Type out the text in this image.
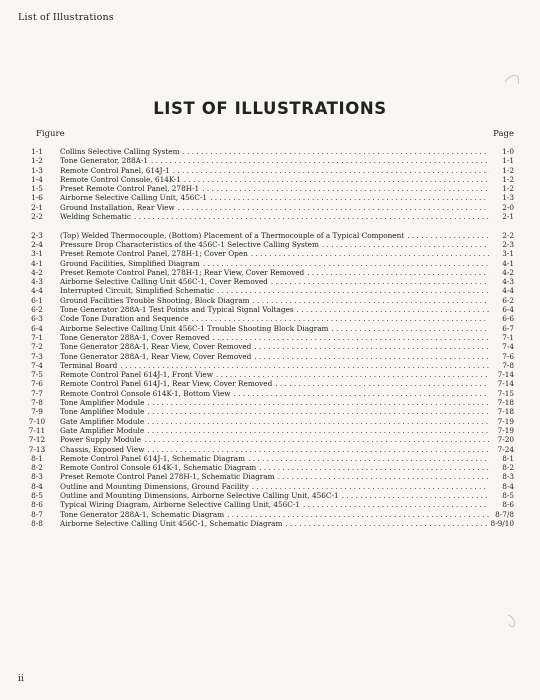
List of Illustrations
LIST OF ILLUSTRATIONS
Figure	Page
1-1	Collins Selective Calling System . . .	1-0
1-2	Tone Generator, 288A-1 . . .	1-1
1-3	Remote Control Panel, 614J-1 . . .	1-2
1-4	Remote Control Console, 614K-1 . . .	1-2
1-5	Preset Remote Control Panel, 278H-1 . . .	1-2
1-6	Airborne Selective Calling Unit, 456C-1 . . .	1-3
2-1	Ground Installation, Rear View . . .	2-0
2-2	Welding Schematic . . .	2-1
2-3	(Top) Welded Thermocouple, (Bottom) Placement of a Thermocouple of a Typical Component . . .	2-2
2-4	Pressure Drop Characteristics of the 456C-1 Selective Calling System . . .	2-3
3-1	Preset Remote Control Panel, 278H-1; Cover Open . . .	3-1
4-1	Ground Facilities, Simplified Diagram . . .	4-1
4-2	Preset Remote Control Panel, 278H-1; Rear View, Cover Removed . . .	4-2
4-3	Airborne Selective Calling Unit 456C-1, Cover Removed . . .	4-3
4-4	Interrupted Circuit, Simplified Schematic . . .	4-4
6-1	Ground Facilities Trouble Shooting, Block Diagram . . .	6-2
6-2	Tone Generator 288A-1 Test Points and Typical Signal Voltages . . .	6-4
6-3	Code Tone Duration and Sequence . . .	6-6
6-4	Airborne Selective Calling Unit 456C-1 Trouble Shooting Block Diagram . . .	6-7
7-1	Tone Generator 288A-1, Cover Removed . . .	7-1
7-2	Tone Generator 288A-1, Rear View, Cover Removed . . .	7-4
7-3	Tone Generator 288A-1, Rear View, Cover Removed . . .	7-6
7-4	Terminal Board . . .	7-8
7-5	Remote Control Panel 614J-1, Front View . . .	7-14
7-6	Remote Control Panel 614J-1, Rear View, Cover Removed . . .	7-14
7-7	Remote Control Console 614K-1, Bottom View . . .	7-15
7-8	Tone Amplifier Module . . .	7-18
7-9	Tone Amplifier Module . . .	7-18
7-10	Gate Amplifier Module . . .	7-19
7-11	Gate Amplifier Module . . .	7-19
7-12	Power Supply Module . . .	7-20
7-13	Chassis, Exposed View . . .	7-24
8-1	Remote Control Panel 614J-1, Schematic Diagram . . .	8-1
8-2	Remote Control Console 614K-1, Schematic Diagram . . .	8-2
8-3	Preset Remote Control Panel 278H-1, Schematic Diagram . . .	8-3
8-4	Outline and Mounting Dimensions, Ground Facility . . .	8-4
8-5	Outline and Mounting Dimensions, Airborne Selective Calling Unit, 456C-1 . . .	8-5
8-6	Typical Wiring Diagram, Airborne Selective Calling Unit, 456C-1 . . .	8-6
8-7	Tone Generator 288A-1, Schematic Diagram . . .	8-7/8
8-8	Airborne Selective Calling Unit 456C-1, Schematic Diagram . . .	8-9/10
ii
